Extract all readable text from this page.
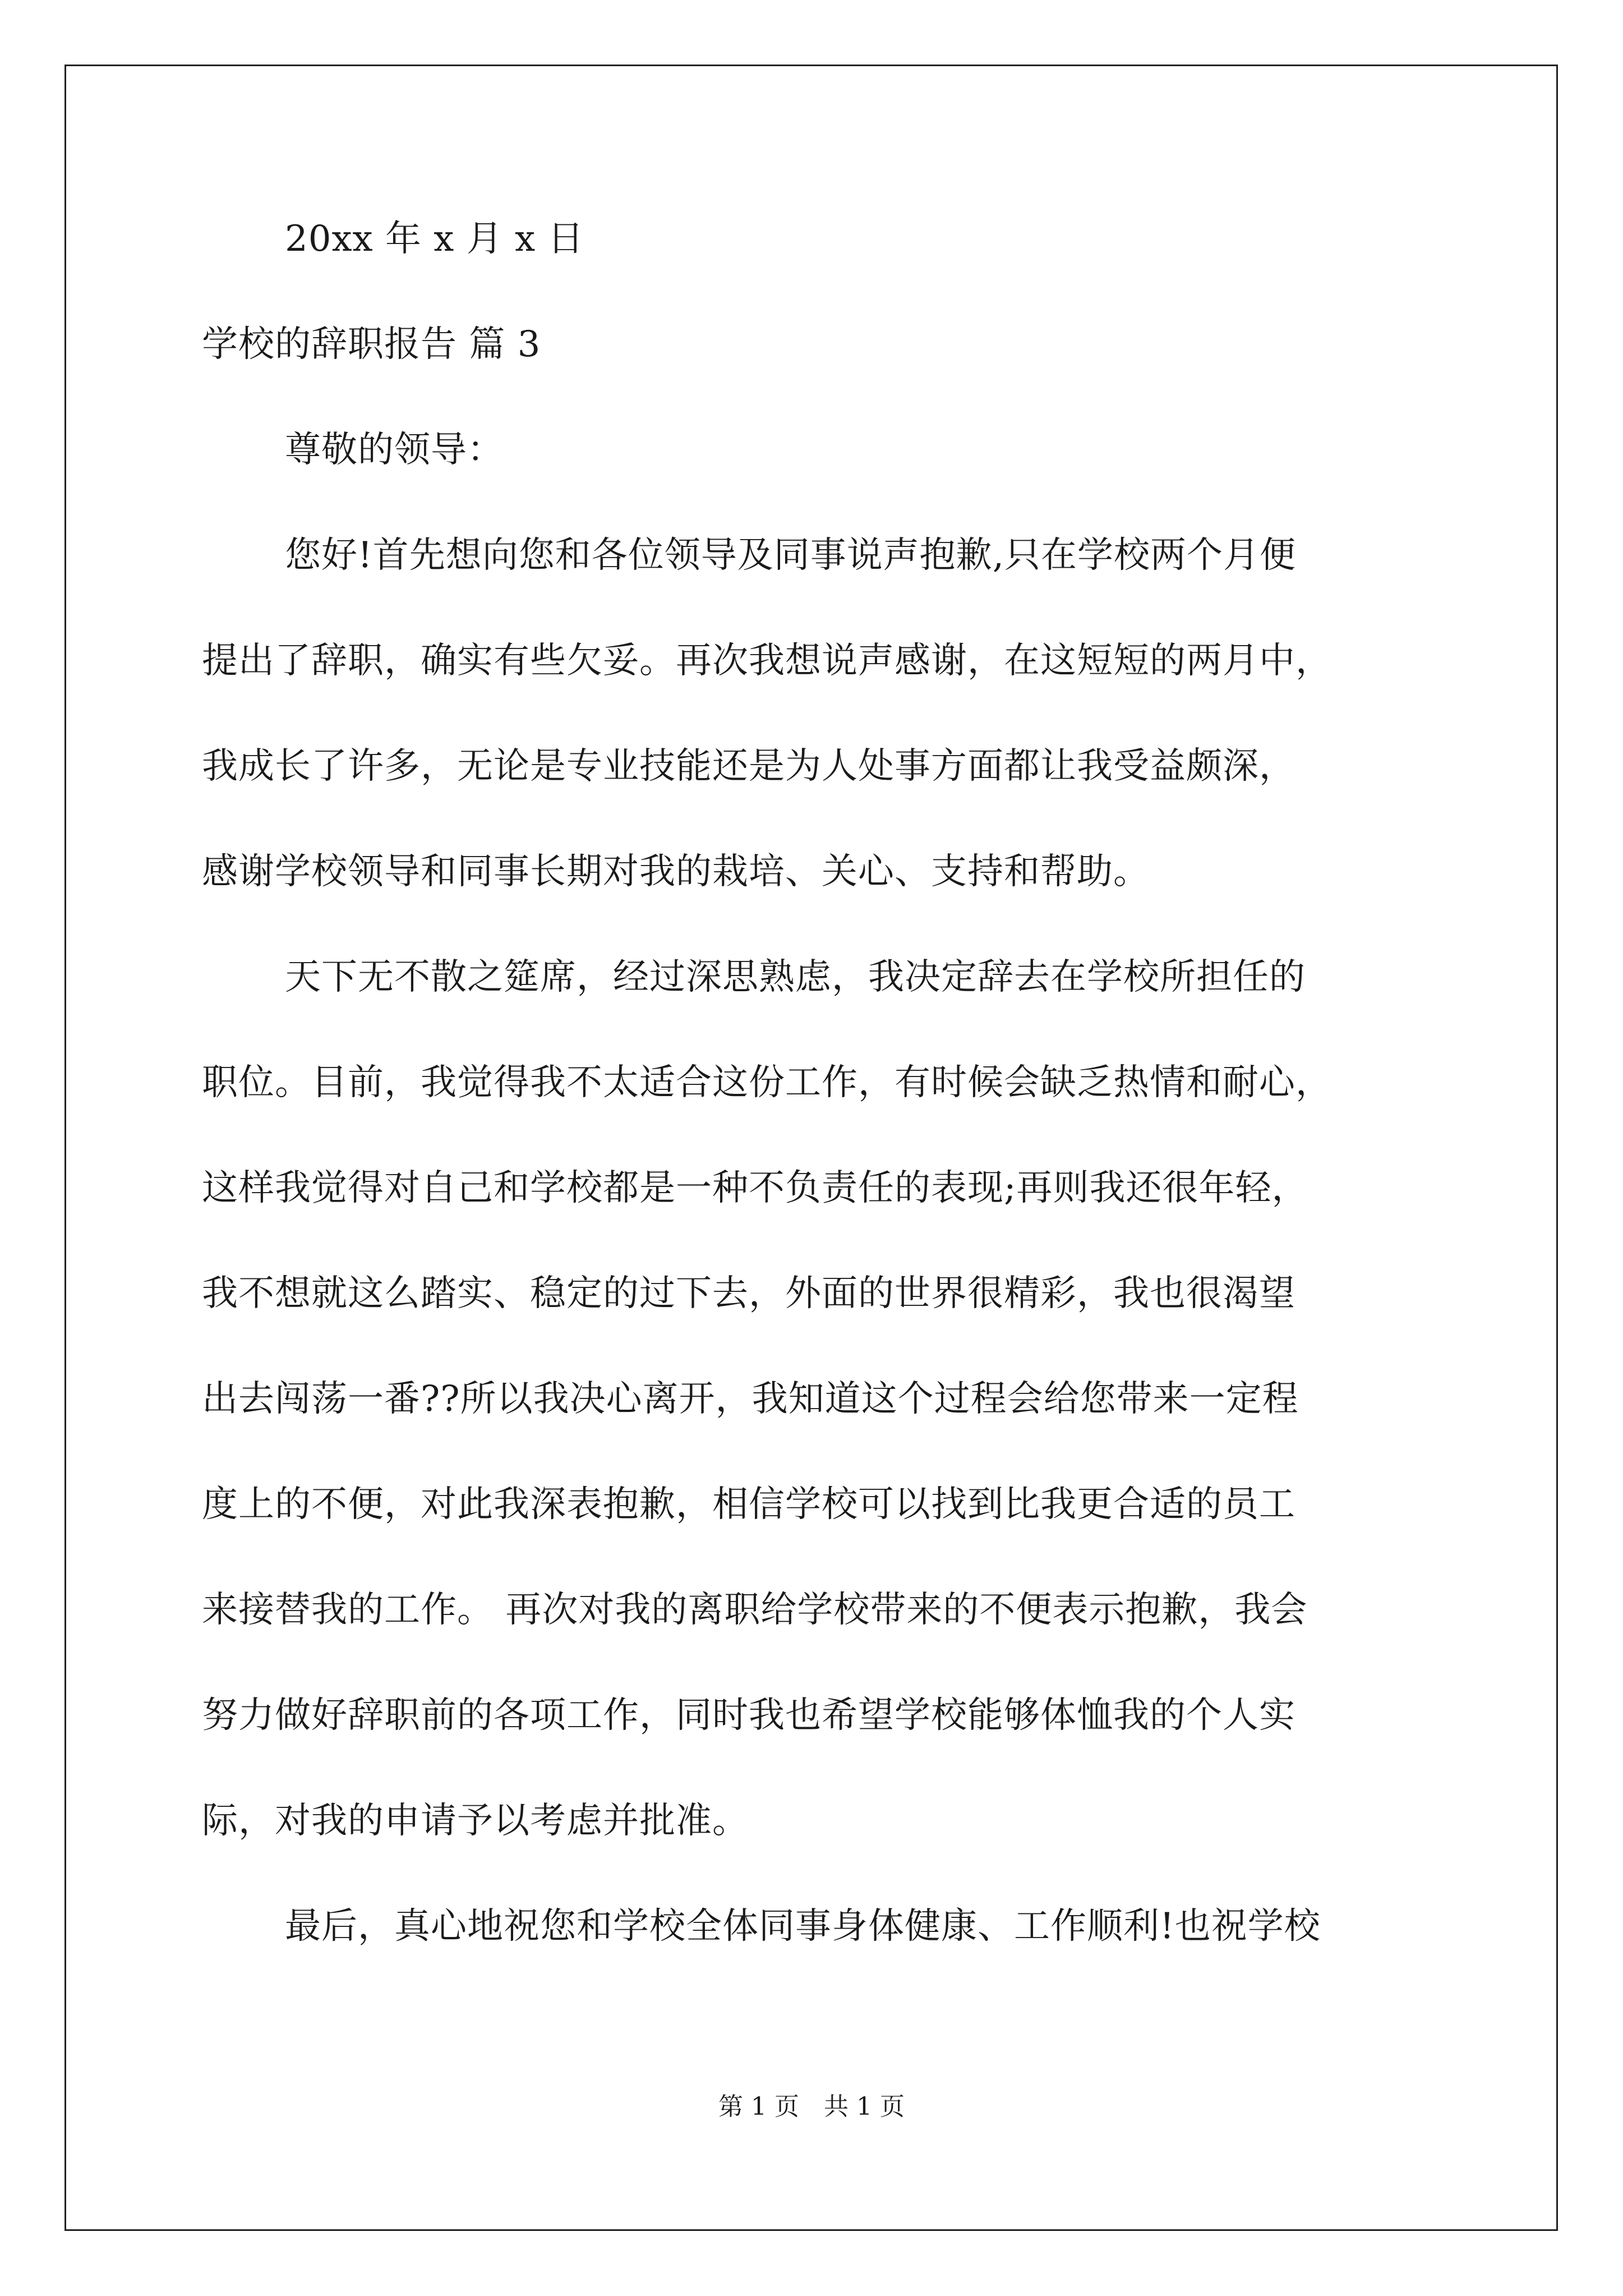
20xx 年 x 月 x 日

学校的辞职报告 篇 3

尊敬的领导：

您好!首先想向您和各位领导及同事说声抱歉,只在学校两个月便

提出了辞职，确实有些欠妥。再次我想说声感谢，在这短短的两月中，

我成长了许多，无论是专业技能还是为人处事方面都让我受益颇深，

感谢学校领导和同事长期对我的栽培、关心、支持和帮助。

天下无不散之筵席，经过深思熟虑，我决定辞去在学校所担任的

职位。目前，我觉得我不太适合这份工作，有时候会缺乏热情和耐心，

这样我觉得对自己和学校都是一种不负责任的表现;再则我还很年轻，

我不想就这么踏实、稳定的过下去，外面的世界很精彩，我也很渴望

出去闯荡一番??所以我决心离开，我知道这个过程会给您带来一定程

度上的不便，对此我深表抱歉，相信学校可以找到比我更合适的员工

来接替我的工作。 再次对我的离职给学校带来的不便表示抱歉，我会

努力做好辞职前的各项工作，同时我也希望学校能够体恤我的个人实

际，对我的申请予以考虑并批准。

最后，真心地祝您和学校全体同事身体健康、工作顺利!也祝学校

第 1 页　共 1 页
